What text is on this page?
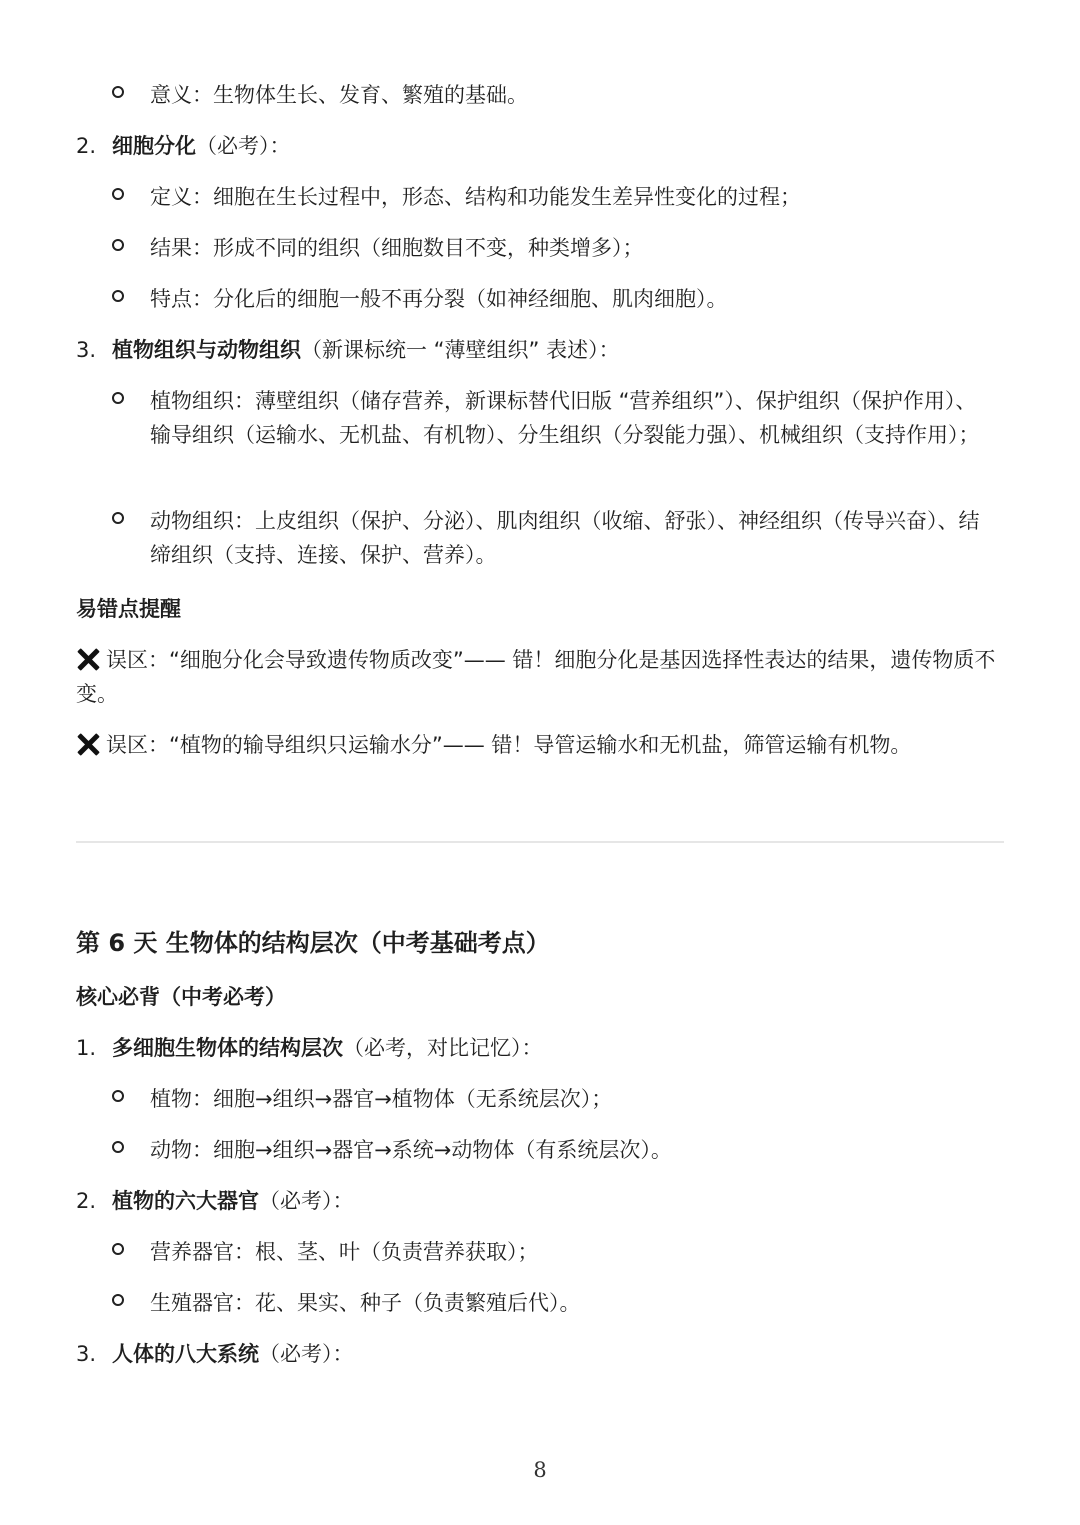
意义：生物体生长、发育、繁殖的基础。
2. 细胞分化（必考）：
定义：细胞在生长过程中，形态、结构和功能发生差异性变化的过程；
结果：形成不同的组织（细胞数目不变，种类增多）；
特点：分化后的细胞一般不再分裂（如神经细胞、肌肉细胞）。
3. 植物组织与动物组织（新课标统一 “薄壁组织” 表述）：
植物组织：薄壁组织（储存营养，新课标替代旧版 “营养组织”）、保护组织（保护作用）、输导组织（运输水、无机盐、有机物）、分生组织（分裂能力强）、机械组织（支持作用）；
动物组织：上皮组织（保护、分泌）、肌肉组织（收缩、舒张）、神经组织（传导兴奋）、结缔组织（支持、连接、保护、营养）。
易错点提醒
误区：“细胞分化会导致遗传物质改变”—— 错！细胞分化是基因选择性表达的结果，遗传物质不变。
误区：“植物的输导组织只运输水分”—— 错！导管运输水和无机盐，筛管运输有机物。
第 6 天 生物体的结构层次（中考基础考点）
核心必背（中考必考）
1. 多细胞生物体的结构层次（必考，对比记忆）：
植物：细胞→组织→器官→植物体（无系统层次）；
动物：细胞→组织→器官→系统→动物体（有系统层次）。
2. 植物的六大器官（必考）：
营养器官：根、茎、叶（负责营养获取）；
生殖器官：花、果实、种子（负责繁殖后代）。
3. 人体的八大系统（必考）：
8
